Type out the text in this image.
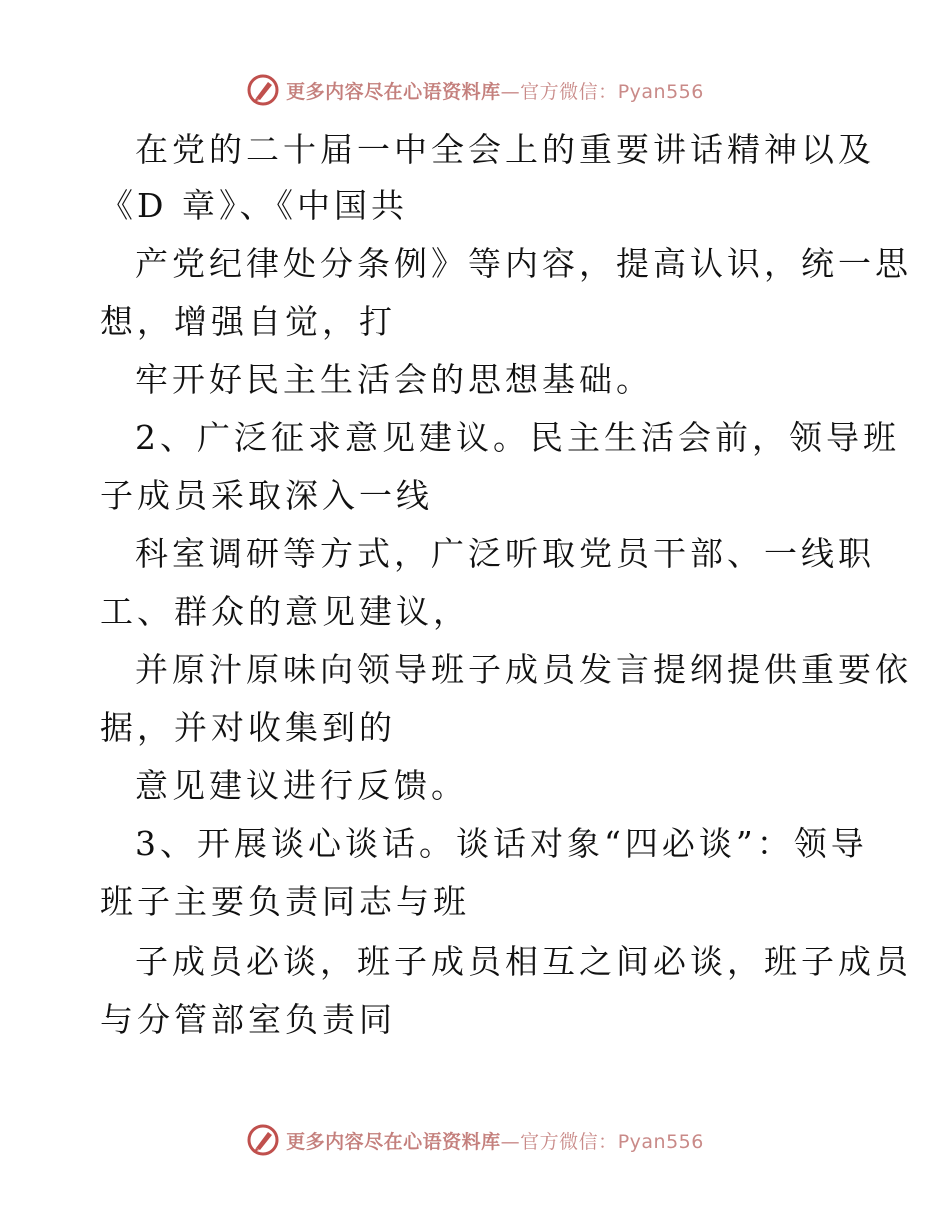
更多内容尽在心语资料库—官方微信：Pyan556
在党的二十届一中全会上的重要讲话精神以及
《D 章》、《中国共
产党纪律处分条例》等内容，提高认识，统一思
想，增强自觉，打
牢开好民主生活会的思想基础。
2、广泛征求意见建议。民主生活会前，领导班
子成员采取深入一线
科室调研等方式，广泛听取党员干部、一线职
工、群众的意见建议，
并原汁原味向领导班子成员发言提纲提供重要依
据，并对收集到的
意见建议进行反馈。
3、开展谈心谈话。谈话对象“四必谈”：领导
班子主要负责同志与班
子成员必谈，班子成员相互之间必谈，班子成员
与分管部室负责同
更多内容尽在心语资料库—官方微信：Pyan556
